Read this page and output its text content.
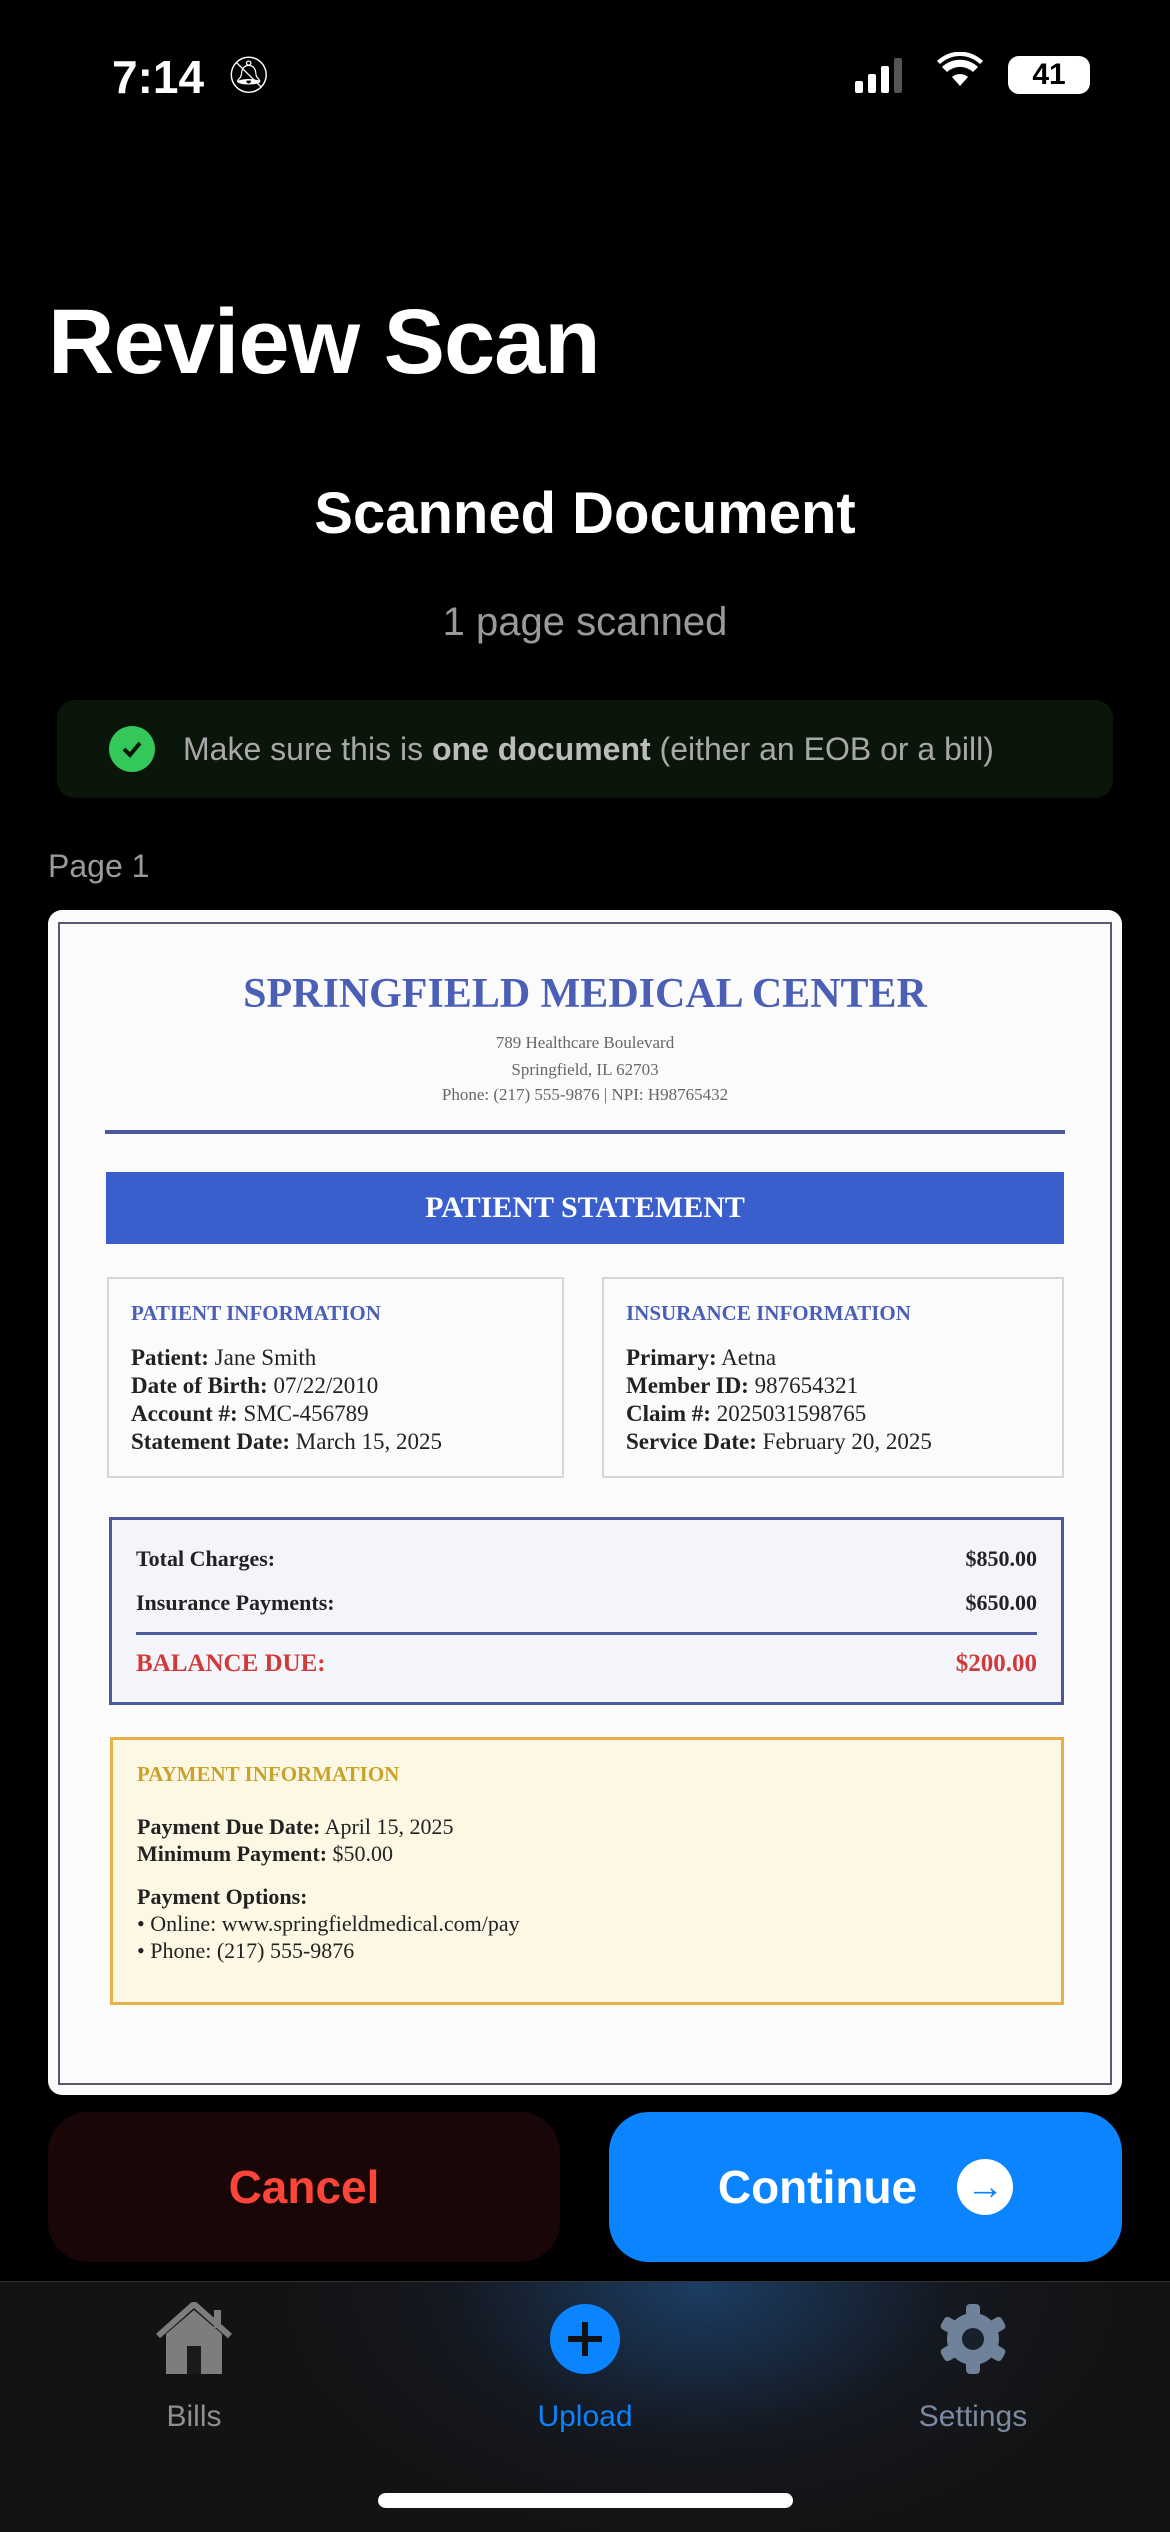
7:14 🔕︎	41
Review Scan
Scanned Document
1 page scanned
Make sure this is one document (either an EOB or a bill)
Page 1
SPRINGFIELD MEDICAL CENTER
789 Healthcare Boulevard
Springfield, IL 62703
Phone: (217) 555-9876 | NPI: H98765432
PATIENT STATEMENT
PATIENT INFORMATION

Patient: Jane Smith

Date of Birth: 07/22/2010

Account #: SMC-456789

Statement Date: March 15, 2025

INSURANCE INFORMATION

Primary: Aetna

Member ID: 987654321

Claim #: 2025031598765

Service Date: February 20, 2025

Total Charges:	$850.00
Insurance Payments:	$650.00
BALANCE DUE:	$200.00
PAYMENT INFORMATION

Payment Due Date: April 15, 2025

Minimum Payment: $50.00

Payment Options:

• Online: www.springfieldmedical.com/pay

• Phone: (217) 555-9876

Cancel	Continue →
Bills	Upload	Settings
